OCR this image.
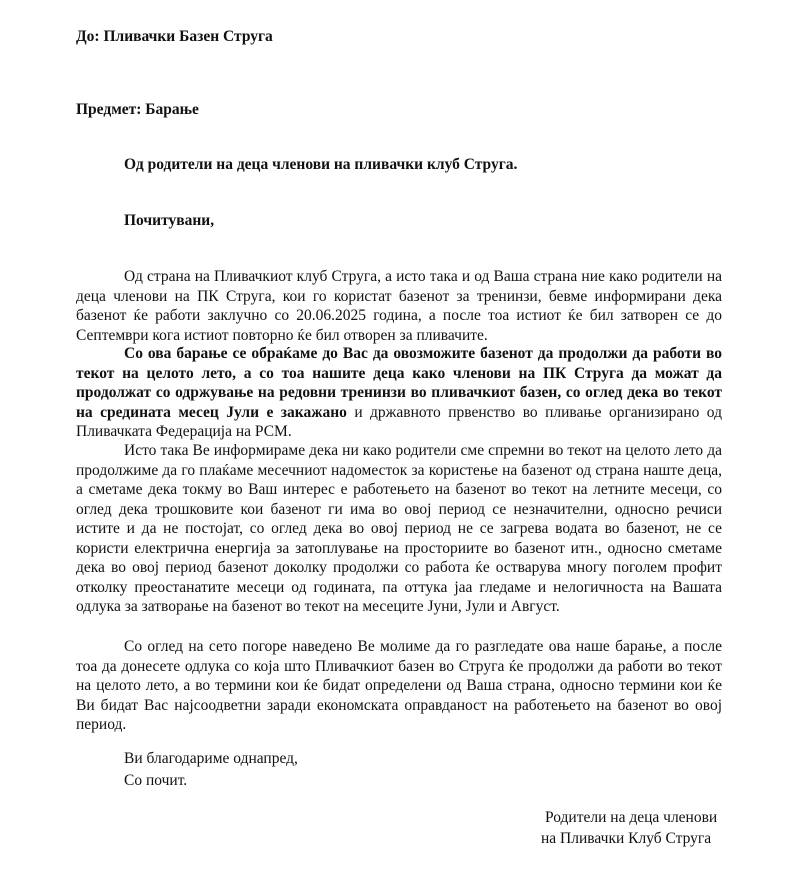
До: Пливачки Базен Струга

Предмет: Барање

Од родители на деца членови на пливачки клуб Струга.

Почитувани,

Од страна на Пливачкиот клуб Струга, а исто така и од Ваша страна ние како родители на деца членови на ПК Струга, кои го користат базенот за тренинзи, бевме информирани дека базенот ќе работи заклучно со 20.06.2025 година, а после тоа истиот ќе бил затворен се до Септември кога истиот повторно ќе бил отворен за пливачите.

Со ова барање се обраќаме до Вас да овозможите базенот да продолжи да работи во текот на целото лето, а со тоа нашите деца како членови на ПК Струга да можат да продолжат со одржување на редовни тренинзи во пливачкиот базен, со оглед дека во текот на средината месец Јули е закажано и државното првенство во пливање организирано од Пливачката Федерација на РСМ.

Исто така Ве информираме дека ни како родители сме спремни во текот на целото лето да продолжиме да го плаќаме месечниот надоместок за користење на базенот од страна наште деца, а сметаме дека токму во Ваш интерес е работењето на базенот во текот на летните месеци, со оглед дека трошковите кои базенот ги има во овој период се незначителни, односно речиси истите и да не постојат, со оглед дека во овој период не се загрева водата во базенот, не се користи електрична енергија за затоплување на просториите во базенот итн., односно сметаме дека во овој период базенот доколку продолжи со работа ќе остварува многу поголем профит отколку преостанатите месеци од годината, па оттука јаа гледаме и нелогичноста на Вашата одлука за затворање на базенот во текот на месеците Јуни, Јули и Август.

Со оглед на сето погоре наведено Ве молиме да го разгледате ова наше барање, а после тоа да донесете одлука со која што Пливачкиот базен во Струга ќе продолжи да работи во текот на целото лето, а во термини кои ќе бидат определени од Ваша страна, односно термини кои ќе Ви бидат Вас најсоодветни заради економската оправданост на работењето на базенот во овој период.

Ви благодариме однапред,

Со почит.

Родители на деца членови

на Пливачки Клуб Струга
